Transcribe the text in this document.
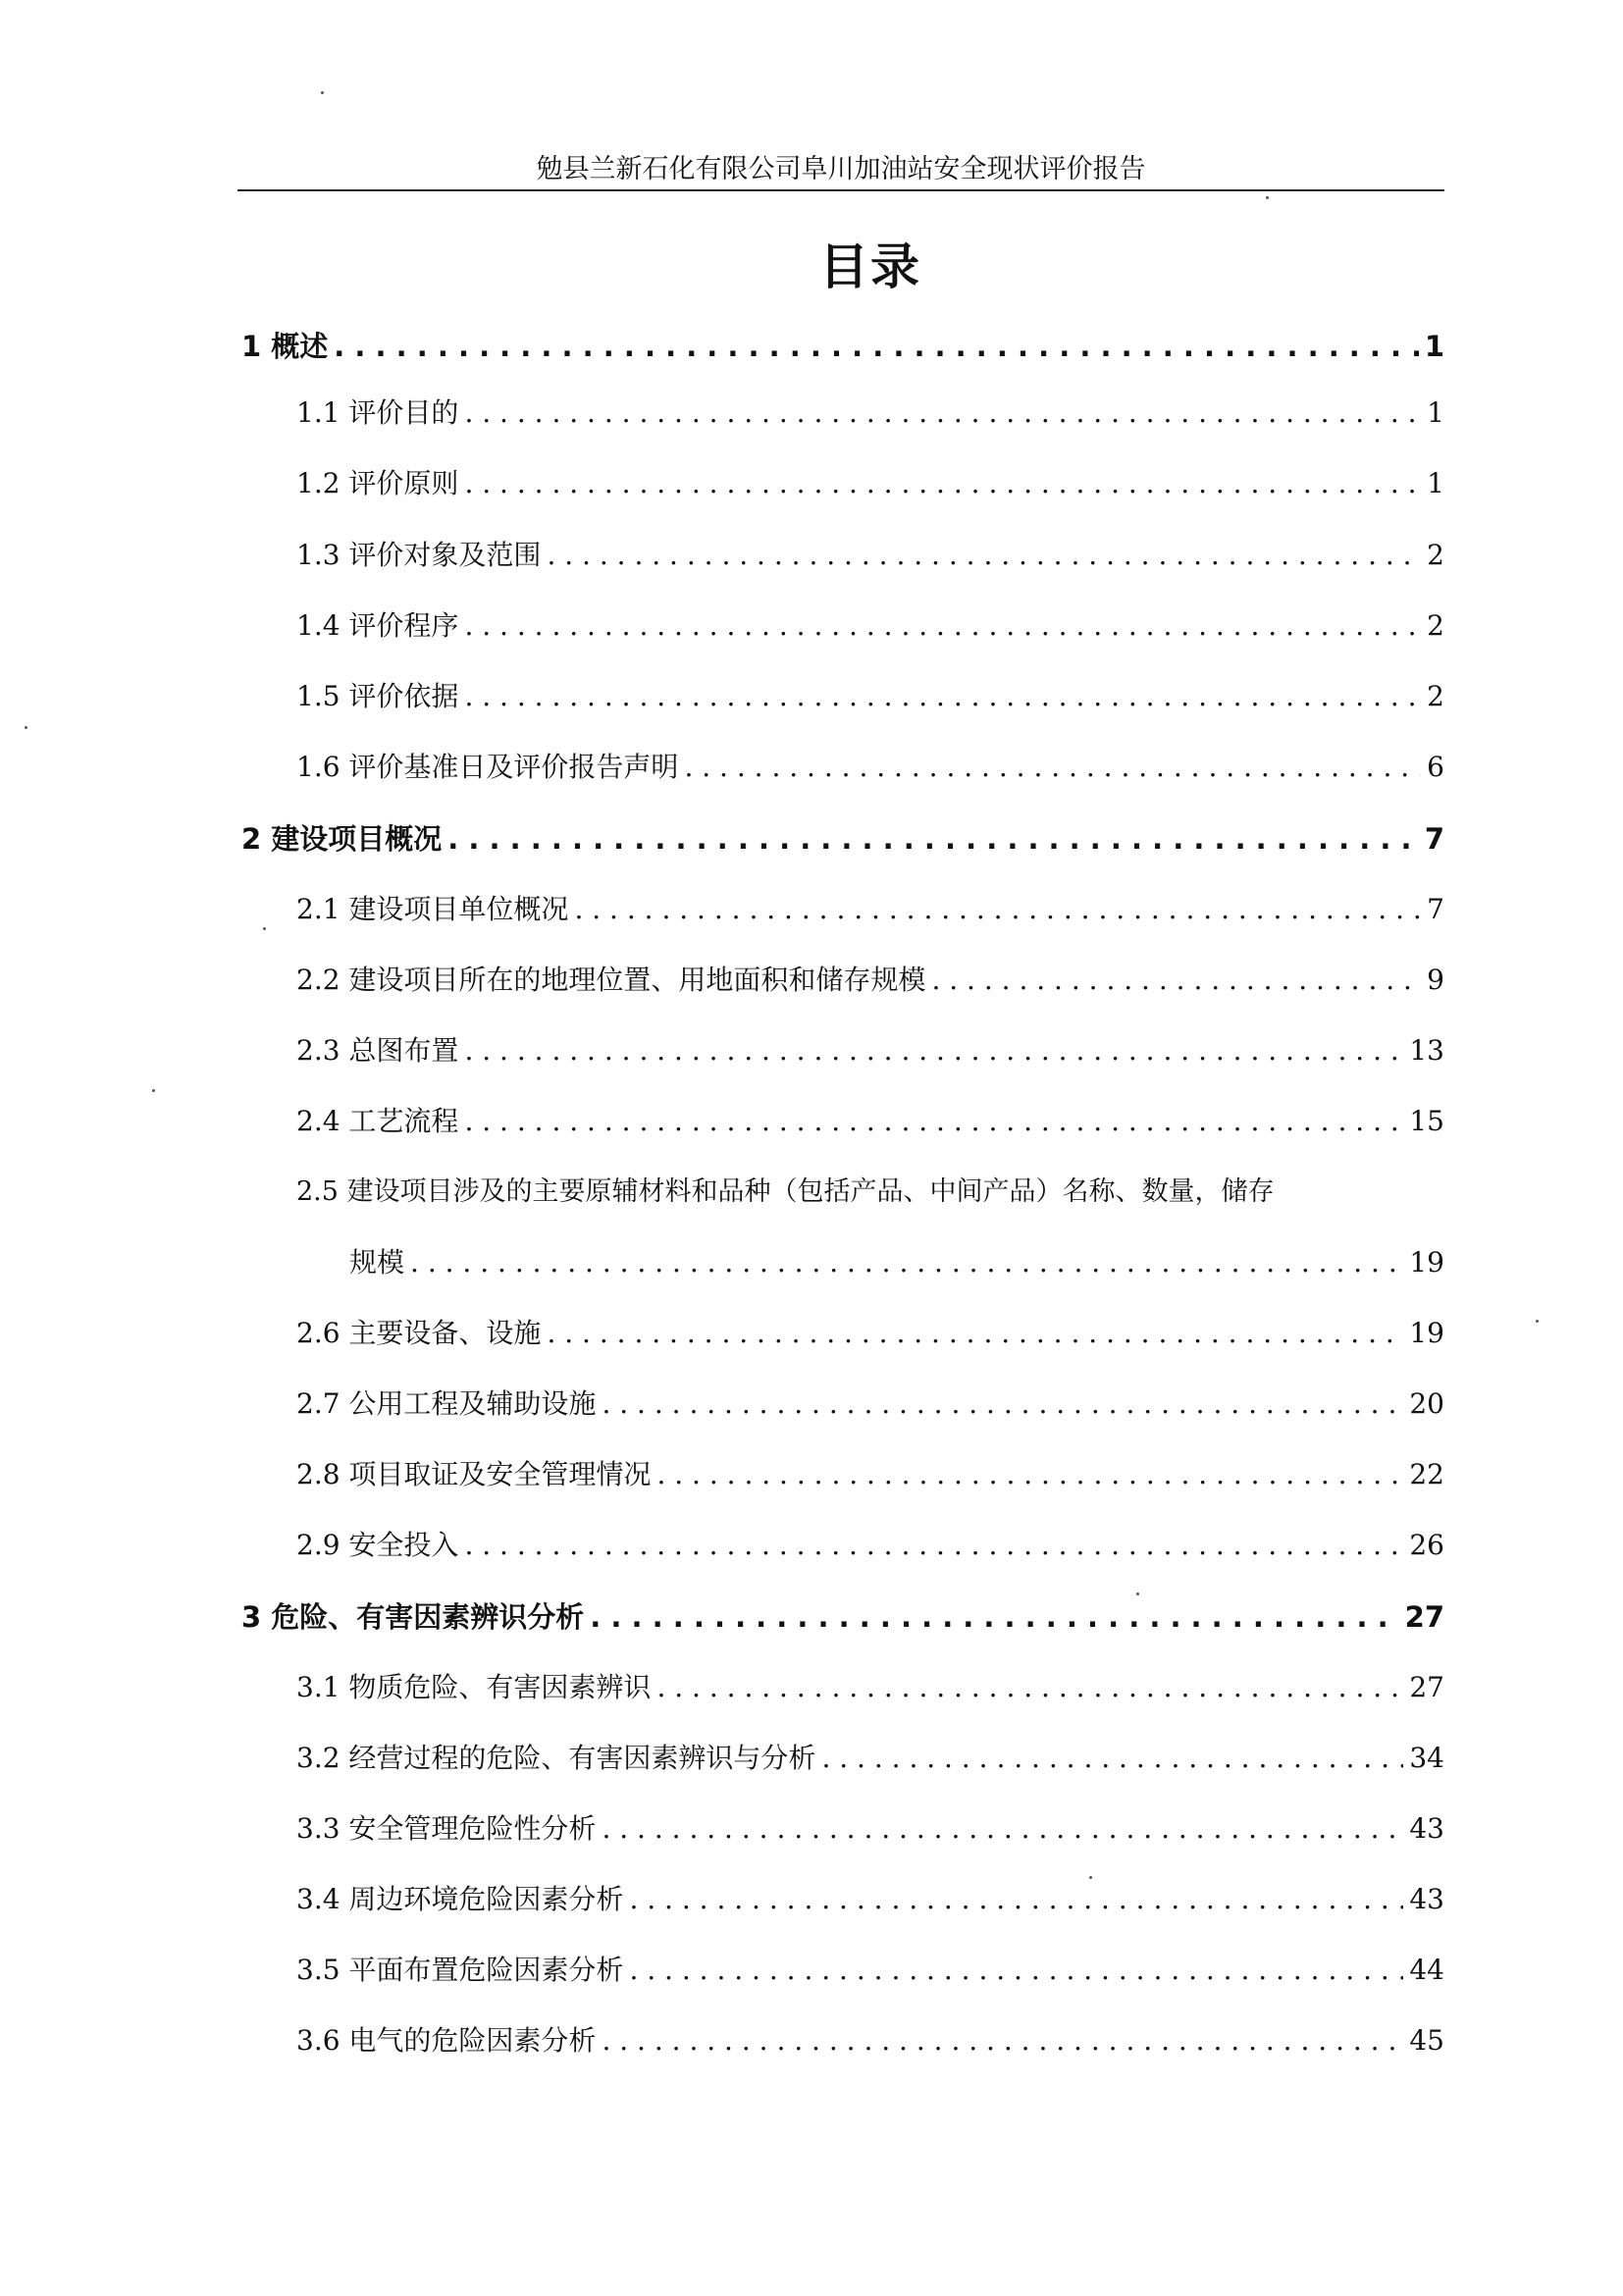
勉县兰新石化有限公司阜川加油站安全现状评价报告
目录
1 概述 . . .	1
1.1 评价目的 . . .	1
1.2 评价原则 . . .	1
1.3 评价对象及范围 . . .	2
1.4 评价程序 . . .	2
1.5 评价依据 . . .	2
1.6 评价基准日及评价报告声明 . . .	6
2 建设项目概况 . . .	7
2.1 建设项目单位概况 . . .	7
2.2 建设项目所在的地理位置、用地面积和储存规模 . . .	9
2.3 总图布置 . . .	13
2.4 工艺流程 . . .	15
2.5 建设项目涉及的主要原辅材料和品种（包括产品、中间产品）名称、数量，储存
规模 . . .	19
2.6 主要设备、设施 . . .	19
2.7 公用工程及辅助设施 . . .	20
2.8 项目取证及安全管理情况 . . .	22
2.9 安全投入 . . .	26
3 危险、有害因素辨识分析 . . .	27
3.1 物质危险、有害因素辨识 . . .	27
3.2 经营过程的危险、有害因素辨识与分析 . . .	34
3.3 安全管理危险性分析 . . .	43
3.4 周边环境危险因素分析 . . .	43
3.5 平面布置危险因素分析 . . .	44
3.6 电气的危险因素分析 . . .	45
